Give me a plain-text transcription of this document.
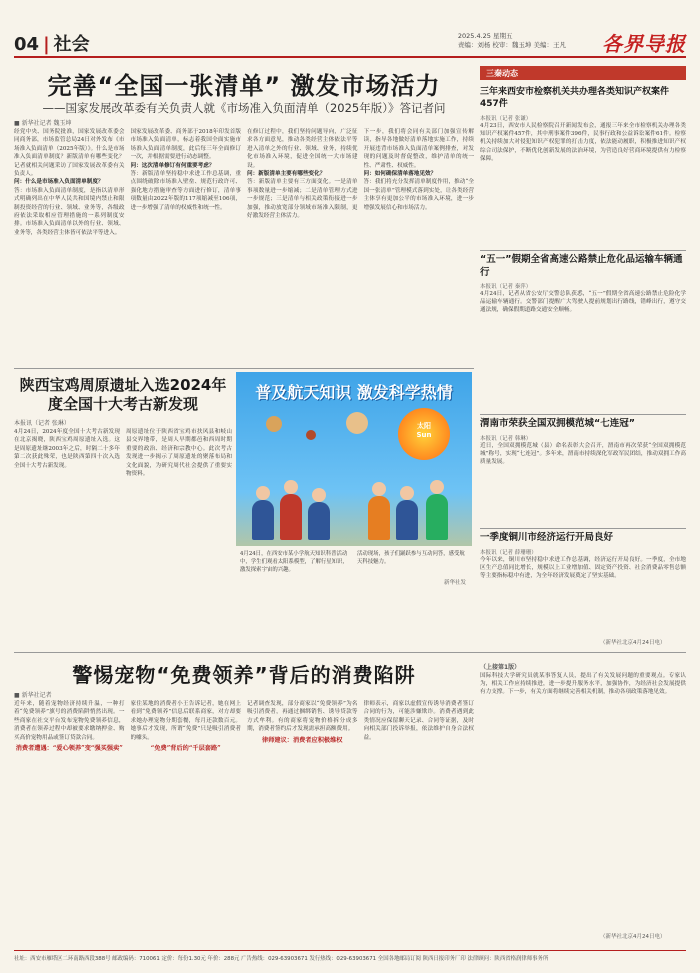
04 | 社会	2025.4.25 星期五
责编：刘杨 校审：魏玉坤 美编：王凡 各界导报
完善“全国一张清单” 激发市场活力
——国家发展改革委有关负责人就《市场准入负面清单（2025年版）》答记者问
■ 新华社记者 魏玉坤

经党中央、国务院批准，国家发展改革委会同商务部，市场监管总局24日对外发布《市场准入负面清单（2025年版）》。什么是市场准入负面清单制度？新版清单有哪些变化？记者就相关问题采访了国家发展改革委有关负责人。

问：什么是市场准入负面清单制度？

答：市场准入负面清单制度，是指以清单形式明确列出在中华人民共和国境内禁止和限制投资经营的行业、领域、业务等，各级政府依法采取相应管理措施的一系列制度安排。市场准入负面清单以外的行业、领域、业务等，各类经营主体皆可依法平等进入。

国家发展改革委、商务部于2018年印发首版市场准入负面清单，标志着我国全面实施市场准入负面清单制度，此后每三年全面修订一次，并根据需要进行动态调整。

问：这次清单修订有何重要考虑？

答：新版清单坚持稳中求进工作总基调，重点围绕破除市场准入壁垒、规范行政许可、强化地方措施审查等方面进行修订，清单事项数量由2022年版的117项缩减至106项，进一步增强了清单的权威性和统一性。

在修订过程中，我们坚持问题导向，广泛征求各方面意见，推动各类经营主体依法平等进入清单之外的行业、领域、业务，持续优化市场准入环境，促进全国统一大市场建设。

问：新版清单主要有哪些变化？

答：新版清单主要有三方面变化。一是清单事项数量进一步缩减；二是清单管理方式进一步规范；三是清单与相关政策衔接进一步加强，推动放宽部分领域市场准入限制，更好激发经营主体活力。

下一步，我们将会同有关部门加强宣传解读，指导各地做好清单落地实施工作，持续开展违背市场准入负面清单案例排查，对发现的问题及时督促整改，维护清单的统一性、严肃性、权威性。

问：如何确保清单落地见效？

答：我们将充分发挥清单制度作用，推动“全国一张清单”管理模式落到实处，让各类经营主体享有更加公平的市场准入环境，进一步增强发展信心和市场活力。

三秦动态
三年来西安市检察机关共办理各类知识产权案件457件
本报讯（记者 张谦）
4月23日，西安市人民检察院召开新闻发布会，通报三年来全市检察机关办理各类知识产权案件457件，其中刑事案件396件，民事行政和公益诉讼案件61件。检察机关持续加大对侵犯知识产权犯罪的打击力度，依法能动履职，积极推进知识产权综合司法保护，不断优化创新发展的法治环境，为营造良好营商环境提供有力检察保障。
“五一”假期全省高速公路禁止危化品运输车辆通行
本报讯（记者 秦萍）
4月24日，记者从省公安厅交警总队获悉，“五一”假期全省高速公路禁止危险化学品运输车辆通行。交警部门提醒广大驾驶人提前规划出行路线，错峰出行，遵守交通法规，确保假期道路交通安全顺畅。
渭南市荣获全国双拥模范城“七连冠”
本报讯（记者 韩琳）
近日，全国双拥模范城（县）命名表彰大会召开，渭南市再次荣获“全国双拥模范城”称号，实现“七连冠”。多年来，渭南市持续深化军政军民团结，推动双拥工作高质量发展。
一季度铜川市经济运行开局良好
本报讯（记者 薛珊珊）
今年以来，铜川市坚持稳中求进工作总基调，经济运行开局良好。一季度，全市地区生产总值同比增长，规模以上工业增加值、固定资产投资、社会消费品零售总额等主要指标稳中有进，为全年经济发展奠定了坚实基础。
（新华社北京4月24日电）
陕西宝鸡周原遗址入选2024年度全国十大考古新发现
本报讯（记者 张琳）

4月24日，2024年度全国十大考古新发现在北京揭晓，陕西宝鸡周原遗址入选。这是周原遗址继2003年之后，时隔二十多年第二次获此殊荣，也是陕西第四十次入选全国十大考古新发现。

周原遗址位于陕西省宝鸡市扶风县和岐山县交界地带，是周人早期都邑和西周时期重要的政治、经济和宗教中心。此次考古发现进一步揭示了周原遗址的聚落布局和文化面貌，为研究周代社会提供了重要实物资料。

普及航天知识 激发科学热情
太阳
Sun
4月24日，在西安市某小学航天知识科普活动中，学生们观看太阳系模型，了解行星知识，激发探索宇宙的兴趣。
活动现场，孩子们踊跃参与互动问答，感受航天科技魅力。
新华社发
警惕宠物“免费领养”背后的消费陷阱
■ 新华社记者

近年来，随着宠物经济持续升温，一种打着“免费领养”旗号的消费陷阱悄然出现。一些商家在社交平台发布宠物免费领养信息，消费者在领养过程中却被要求缴纳押金、购买高价宠物用品或签订贷款合同。

消费者遭遇：“爱心领养”变“强买强卖”

家住某地的消费者小王告诉记者，她在网上看到“免费领养”信息后联系商家，对方却要求她办理宠物分期套餐，每月还款数百元。她事后才发现，所谓“免费”只是吸引消费者的噱头。

“免费”背后的“千层套路”

记者调查发现，部分商家以“免费领养”为名吸引消费者，再通过捆绑销售、诱导贷款等方式牟利。有的商家将宠物价格拆分成多期，消费者签约后才发现需承担高额费用。

律师建议：消费者应积极维权

律师表示，商家以虚假宣传诱导消费者签订合同的行为，可能涉嫌欺诈。消费者遇到此类情况应保留聊天记录、合同等证据，及时向相关部门投诉举报，依法维护自身合法权益。

（上接第1版）
国际科技大学研究员就某事答复人员，提出了有关发展问题的重要观点。专家认为，相关工作应持续推进，进一步提升服务水平，加强协作，为经济社会发展提供有力支撑。下一步，有关方面将继续完善相关机制，推动各项政策落地见效。
（新华社北京4月24日电）
社址：西安市雁塔区二环南路西段388号 邮政编码：710061 定价：每份1.30元 年价：288元 广告热线：029-63903671 发行热线：029-63903671 全国各地邮局订阅 陕西日报印务厂印 法律顾问：陕西省格润律师事务所
